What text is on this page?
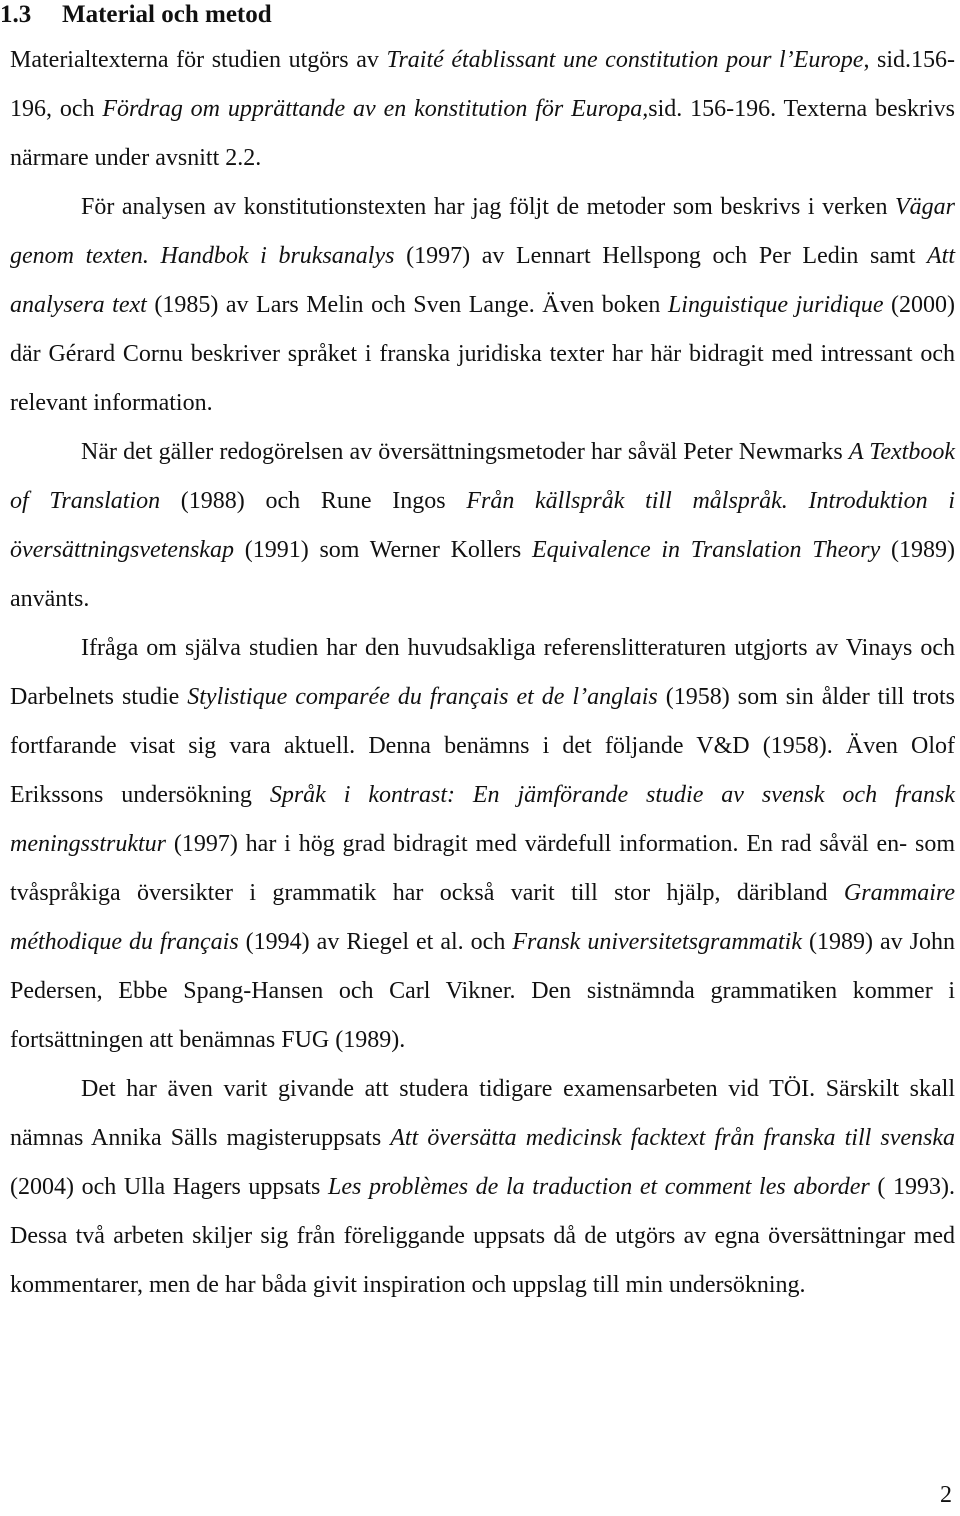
1.3 Material och metod

Materialtexterna för studien utgörs av Traité établissant une constitution pour l’Europe, sid.156-196, och Fördrag om upprättande av en konstitution för Europa,sid. 156-196. Texterna beskrivs närmare under avsnitt 2.2.

För analysen av konstitutionstexten har jag följt de metoder som beskrivs i verken Vägar genom texten. Handbok i bruksanalys (1997) av Lennart Hellspong och Per Ledin samt Att analysera text (1985) av Lars Melin och Sven Lange. Även boken Linguistique juridique (2000) där Gérard Cornu beskriver språket i franska juridiska texter har här bidragit med intressant och relevant information.

När det gäller redogörelsen av översättningsmetoder har såväl Peter Newmarks A Textbook of Translation (1988) och Rune Ingos Från källspråk till målspråk. Introduktion i översättningsvetenskap (1991) som Werner Kollers Equivalence in Translation Theory (1989) använts.

Ifråga om själva studien har den huvudsakliga referenslitteraturen utgjorts av Vinays och Darbelnets studie Stylistique comparée du français et de l’anglais (1958) som sin ålder till trots fortfarande visat sig vara aktuell. Denna benämns i det följande V&D (1958). Även Olof Erikssons undersökning Språk i kontrast: En jämförande studie av svensk och fransk meningsstruktur (1997) har i hög grad bidragit med värdefull information. En rad såväl en- som tvåspråkiga översikter i grammatik har också varit till stor hjälp, däribland Grammaire méthodique du français (1994) av Riegel et al. och Fransk universitetsgrammatik (1989) av John Pedersen, Ebbe Spang-Hansen och Carl Vikner. Den sistnämnda grammatiken kommer i fortsättningen att benämnas FUG (1989).

Det har även varit givande att studera tidigare examensarbeten vid TÖI. Särskilt skall nämnas Annika Sälls magisteruppsats Att översätta medicinsk facktext från franska till svenska (2004) och Ulla Hagers uppsats Les problèmes de la traduction et comment les aborder ( 1993). Dessa två arbeten skiljer sig från föreliggande uppsats då de utgörs av egna översättningar med kommentarer, men de har båda givit inspiration och uppslag till min undersökning.

2
